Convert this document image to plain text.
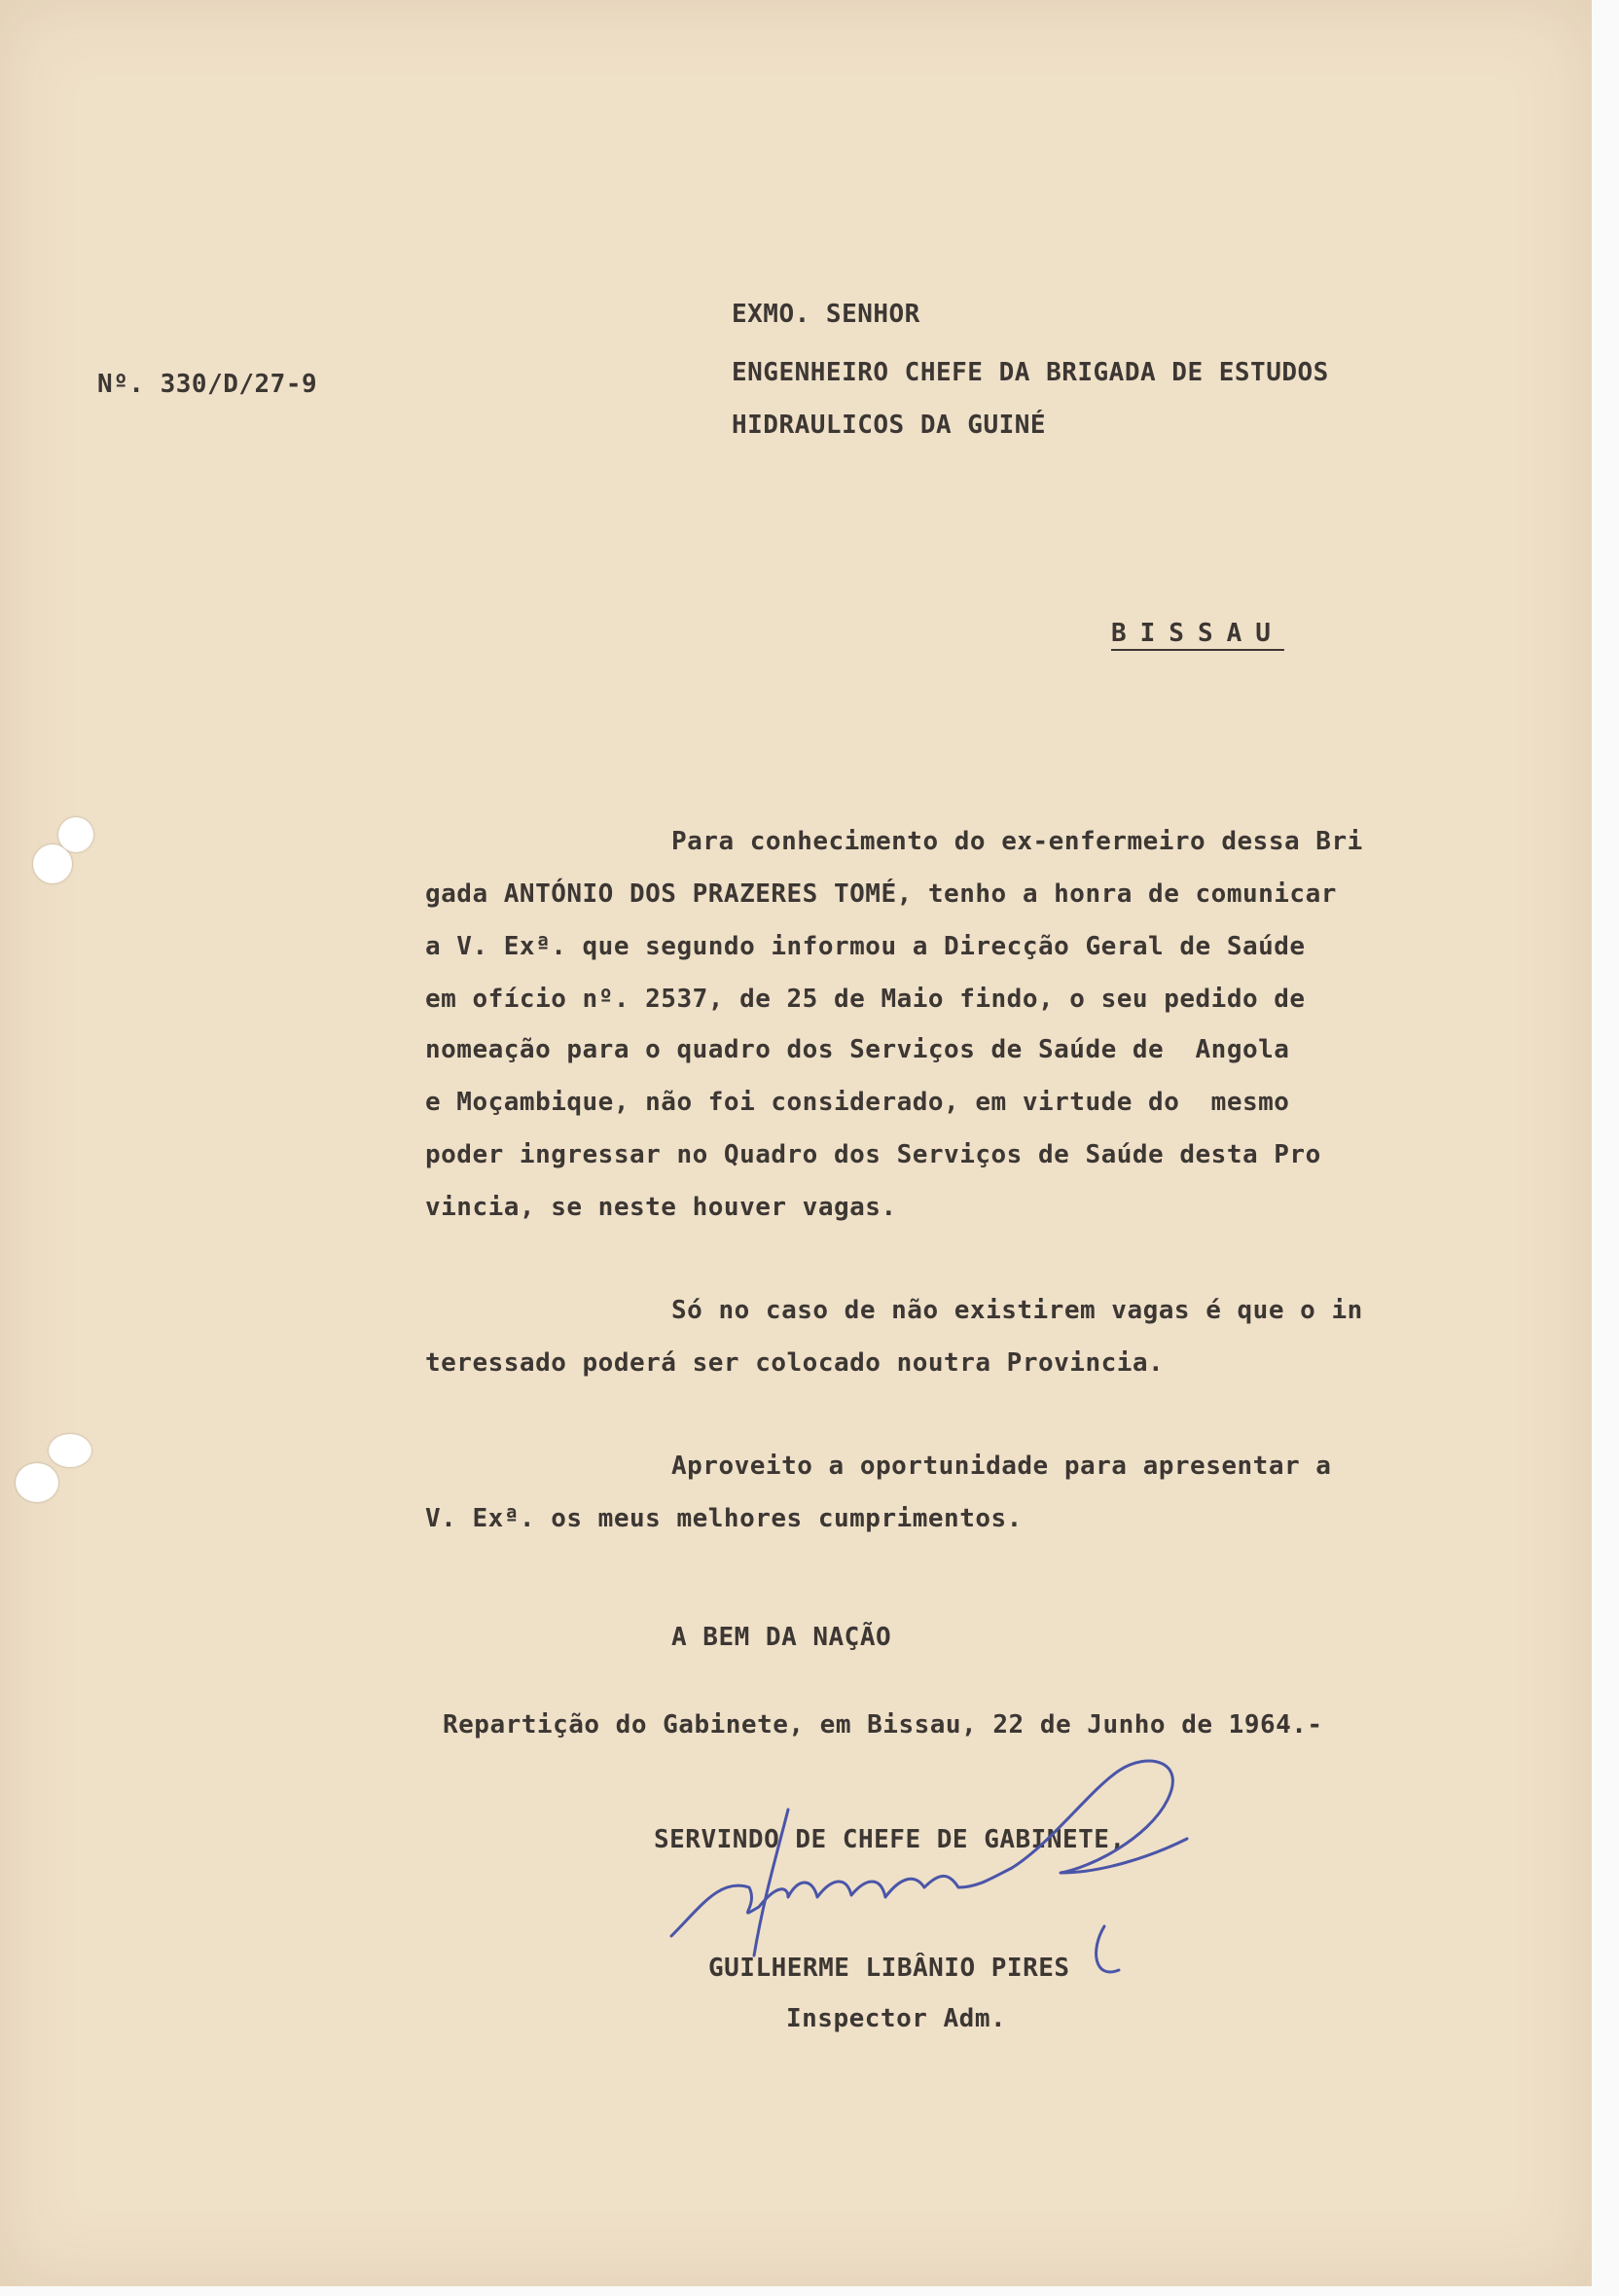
Nº. 330/D/27-9
EXMO. SENHOR
ENGENHEIRO CHEFE DA BRIGADA DE ESTUDOS
HIDRAULICOS DA GUINÉ
BISSAU
Para conhecimento do ex-enfermeiro dessa Bri
gada ANTÓNIO DOS PRAZERES TOMÉ, tenho a honra de comunicar
a V. Exª. que segundo informou a Direcção Geral de Saúde
em ofício nº. 2537, de 25 de Maio findo, o seu pedido de
nomeação para o quadro dos Serviços de Saúde de  Angola
e Moçambique, não foi considerado, em virtude do  mesmo
poder ingressar no Quadro dos Serviços de Saúde desta Pro
vincia, se neste houver vagas.
Só no caso de não existirem vagas é que o in
teressado poderá ser colocado noutra Provincia.
Aproveito a oportunidade para apresentar a
V. Exª. os meus melhores cumprimentos.
A BEM DA NAÇÃO
Repartição do Gabinete, em Bissau, 22 de Junho de 1964.-
SERVINDO DE CHEFE DE GABINETE,
GUILHERME LIBÂNIO PIRES
Inspector Adm.
